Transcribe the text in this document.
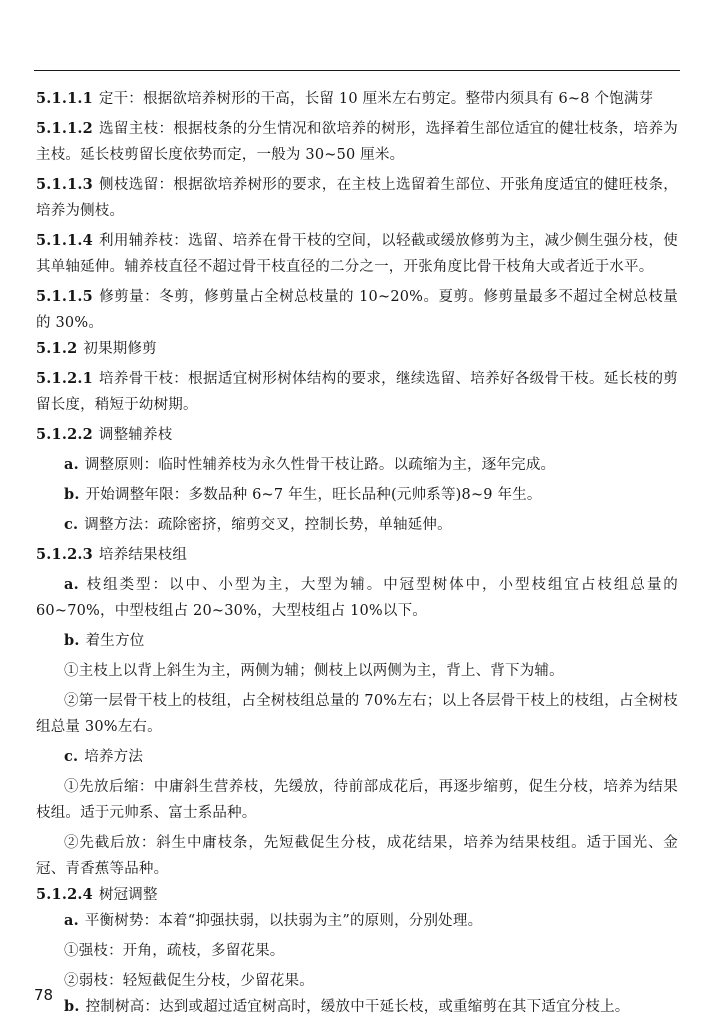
5.1.1.1 定干：根据欲培养树形的干高，长留 10 厘米左右剪定。整带内须具有 6~8 个饱满芽

5.1.1.2 选留主枝：根据枝条的分生情况和欲培养的树形，选择着生部位适宜的健壮枝条，培养为主枝。延长枝剪留长度依势而定，一般为 30~50 厘米。

5.1.1.3 侧枝选留：根据欲培养树形的要求，在主枝上选留着生部位、开张角度适宜的健旺枝条，培养为侧枝。

5.1.1.4 利用辅养枝：选留、培养在骨干枝的空间，以轻截或缓放修剪为主，减少侧生强分枝，使其单轴延伸。辅养枝直径不超过骨干枝直径的二分之一，开张角度比骨干枝角大或者近于水平。

5.1.1.5 修剪量：冬剪，修剪量占全树总枝量的 10~20%。夏剪。修剪量最多不超过全树总枝量的 30%。

5.1.2 初果期修剪

5.1.2.1 培养骨干枝：根据适宜树形树体结构的要求，继续选留、培养好各级骨干枝。延长枝的剪留长度，稍短于幼树期。

5.1.2.2 调整辅养枝

a. 调整原则：临时性辅养枝为永久性骨干枝让路。以疏缩为主，逐年完成。

b. 开始调整年限：多数品种 6~7 年生，旺长品种(元帅系等)8~9 年生。

c. 调整方法：疏除密挤，缩剪交叉，控制长势，单轴延伸。

5.1.2.3 培养结果枝组

a. 枝组类型：以中、小型为主，大型为辅。中冠型树体中，小型枝组宜占枝组总量的 60~70%，中型枝组占 20~30%，大型枝组占 10%以下。

b. 着生方位

①主枝上以背上斜生为主，两侧为辅；侧枝上以两侧为主，背上、背下为辅。

②第一层骨干枝上的枝组，占全树枝组总量的 70%左右；以上各层骨干枝上的枝组，占全树枝组总量 30%左右。

c. 培养方法

①先放后缩：中庸斜生营养枝，先缓放，待前部成花后，再逐步缩剪，促生分枝，培养为结果枝组。适于元帅系、富士系品种。

②先截后放：斜生中庸枝条，先短截促生分枝，成花结果，培养为结果枝组。适于国光、金冠、青香蕉等品种。

5.1.2.4 树冠调整

a. 平衡树势：本着“抑强扶弱，以扶弱为主”的原则，分别处理。

①强枝：开角，疏枝，多留花果。

②弱枝：轻短截促生分枝，少留花果。

b. 控制树高：达到或超过适宜树高时，缓放中干延长枝，或重缩剪在其下适宜分枝上。

78
